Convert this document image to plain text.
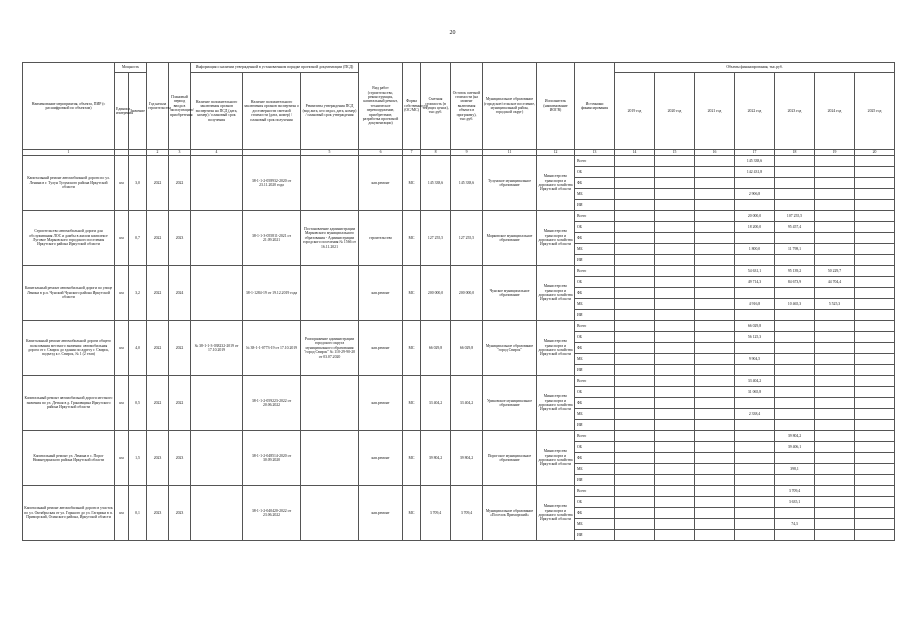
20
Наименование мероприятия, объекта, ПИР (с расшифровкой по объектам)	Мощность		Год начала строительства	Плановый период ввода в эксплуатацию/приобретения	Информация о наличии утвержденной в установленном порядке проектной документации (ПСД)			Вид работ (строительство, реконструкция, капитальный ремонт, техническое перевооружение, приобретение, разработка проектной документации)	Форма собственности (ОС/МС)	Сметная стоимость (в текущих ценах), тыс.руб.	Остаток сметной стоимости (на момент включения объекта в программу), тыс.руб.	Муниципальное образование (городское/сельское поселение, муниципальный район, городской округ)	Исполнитель (наименование ИОГВ)	Источники финансирования	Объемы финансирования, тыс.руб.						
	Единица измерения	Значение			Наличие положительного заключения органов экспертизы на ПСД (дата, номер) / плановый срок получения	Наличие положительного заключения органов экспертизы о достоверности сметной стоимости (дата, номер) / плановый срок получения	Реквизиты утверждения ПСД (вид акта, кто издал, дата, номер) / плановый срок утверждения								2019 год	2020 год	2021 год	2022 год	2023 год	2024 год	2025 год
1			2	3	4		5	6	7	8	9	11	12	13	14	15	16	17	18	19	20
Капитальный ремонт автомобильной дороги по ул. Ленина в г. Тулун Тулунского района Иркутской области	км	3,0	2022	2022		38-1-1-2-058932-2020 от 23.11.2020 года		кап.ремонт	МС	145 338,6	145 338,6	Тулунское муниципальное образование	Министерство транспорта и дорожного хозяйства Иркутской области	Всего				145 338,6			
														ОБ				142 431,8			
														ФБ							
														МБ				2 906,8			
														ИИ							
Строительство автомобильной дороги для обслуживания ЛОС и дамбы в жилом комплексе Луговое Марковского городского поселения Иркутского района Иркутской области	км	0,7	2022	2023		38-1-1-3-055811-2021 от 21.09.2021	Постановление администрации Марковского муниципального образования - Администрации городского поселения № 1566 от 16.11.2021	строительство	МС	127 255,5	127 255,5	Марковское муниципальное образование	Министерство транспорта и дорожного хозяйства Иркутской области	Всего				20 000,0	107 255,5		
														ОБ				18 200,0	95 457,4		
														ФБ							
														МБ				1 800,0	11 798,1		
														ИИ							
Капитальный ремонт автомобильной дороги по улице Ленина в р.п. Чунский Чунского района Иркутской области	км	3,2	2022	2024		38-1-1284-19 от 19.12.2019 года		кап.ремонт	МС	200 000,0	200 000,0	Чунское муниципальное образование	Министерство транспорта и дорожного хозяйства Иркутской области	Всего				54 631,1	95 139,2	50 229,7	
														ОБ				49 714,3	84 673,9	44 704,4	
														ФБ							
														МБ				4 916,8	10 465,3	5 525,3	
														ИИ							
Капитальный ремонт автомобильной дороги общего пользования местного значения: автомобильная дорога от г. Свирск до здания по адресу г. Свирск, подъезд к г. Свирск, № 1 (2 этап)	км	4,0	2022	2022	№ 38-1-1-3-038232-2019 от 17.10.2019	№ 38-1-1-0773-19 от 17.10.2019	Распоряжение администрации городского округа муниципального образования "город Свирск" № 110-29-90-20 от 03.07.2020	кап.ремонт	МС	66 029,8	66 029,8	Муниципальное образование "город Свирск"	Министерство транспорта и дорожного хозяйства Иркутской области	Всего				66 029,8			
														ОБ				56 125,3			
														ФБ							
														МБ				9 904,5			
														ИИ							
Капитальный ремонт автомобильной дороги местного значения по ул. Деткая в д. Грановщина Иркутского района Иркутской области	км	0,5	2022	2022		38-1-1-2-059223-2022 от 20.06.2022		кап.ремонт	МС	33 404,2	33 404,2	Уриковское муниципальное образование	Министерство транспорта и дорожного хозяйства Иркутской области	Всего				33 404,2			
														ОБ				31 065,8			
														ФБ							
														МБ				2 338,4			
														ИИ							
Капитальный ремонт ул. Ленина в с. Порог Нижнеудинского района Иркутской области	км	1,5	2023	2023		38-1-1-2-048514-2020 от 30.09.2020		кап.ремонт	МС	39 804,2	39 804,2	Порогское муниципальное образование	Министерство транспорта и дорожного хозяйства Иркутской области	Всего					39 804,2		
														ОБ					39 406,1		
														ФБ							
														МБ					398,1		
														ИИ							
Капитальный ремонт автомобильной дороги в участок по ул. Октябрьская от ул. Горького до ул. Гагарина в п. Приморский, Осинского района, Иркутской области	км	0,1	2023	2023		38-1-1-2-040420-2022 от 23.06.2022		кап.ремонт	МС	3 709,4	3 709,4	Муниципальное образование «Поселок Приморский»	Министерство транспорта и дорожного хозяйства Иркутской области	Всего					3 709,4		
														ОБ					3 635,1		
														ФБ							
														МБ					74,3		
														ИИ							
